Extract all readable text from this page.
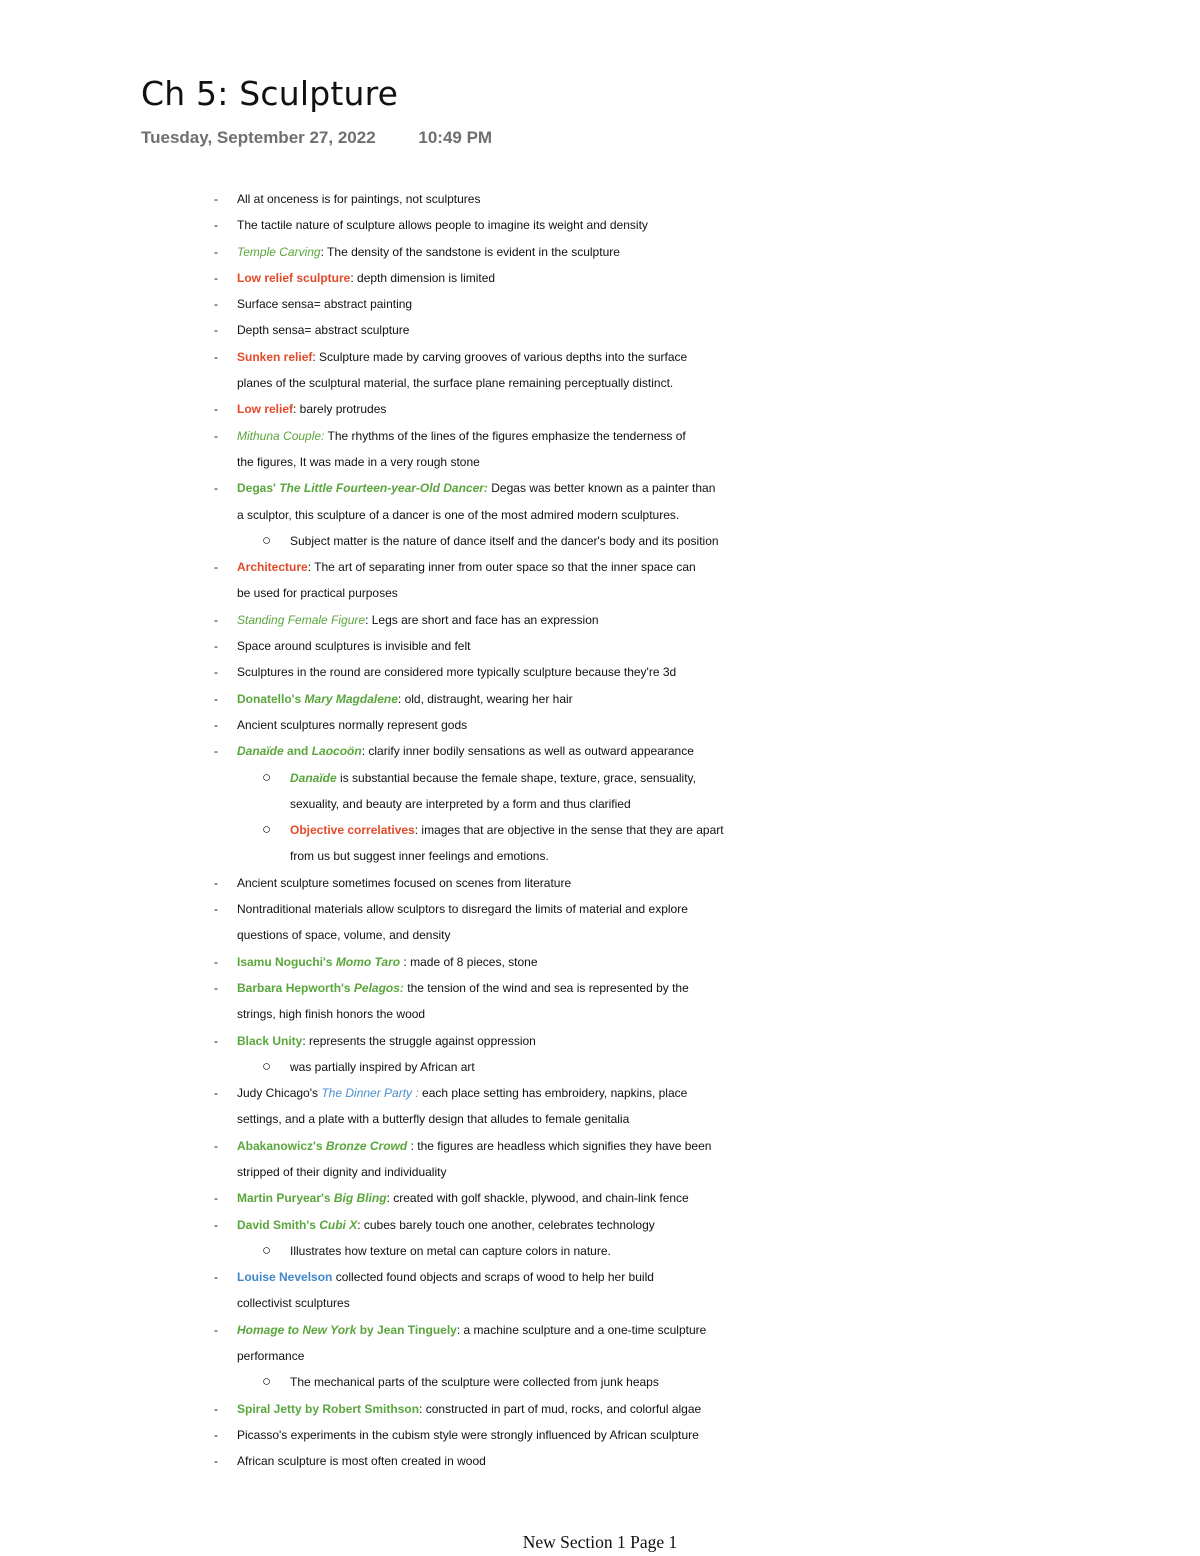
Ch 5: Sculpture
Tuesday, September 27, 2022	10:49 PM
- All at onceness is for paintings, not sculptures
- The tactile nature of sculpture allows people to imagine its weight and density
- Temple Carving: The density of the sandstone is evident in the sculpture
- Low relief sculpture: depth dimension is limited
- Surface sensa= abstract painting
- Depth sensa= abstract sculpture
- Sunken relief: Sculpture made by carving grooves of various depths into the surface
planes of the sculptural material, the surface plane remaining perceptually distinct.
- Low relief: barely protrudes
- Mithuna Couple: The rhythms of the lines of the figures emphasize the tenderness of
the figures, It was made in a very rough stone
- Degas' The Little Fourteen-year-Old Dancer: Degas was better known as a painter than
a sculptor, this sculpture of a dancer is one of the most admired modern sculptures.
○ Subject matter is the nature of dance itself and the dancer's body and its position
- Architecture: The art of separating inner from outer space so that the inner space can
be used for practical purposes
- Standing Female Figure: Legs are short and face has an expression
- Space around sculptures is invisible and felt
- Sculptures in the round are considered more typically sculpture because they're 3d
- Donatello's Mary Magdalene: old, distraught, wearing her hair
- Ancient sculptures normally represent gods
- Danaïde and Laocoön: clarify inner bodily sensations as well as outward appearance
○ Danaïde is substantial because the female shape, texture, grace, sensuality,
sexuality, and beauty are interpreted by a form and thus clarified
○ Objective correlatives: images that are objective in the sense that they are apart
from us but suggest inner feelings and emotions.
- Ancient sculpture sometimes focused on scenes from literature
- Nontraditional materials allow sculptors to disregard the limits of material and explore
questions of space, volume, and density
- Isamu Noguchi's Momo Taro : made of 8 pieces, stone
- Barbara Hepworth's Pelagos: the tension of the wind and sea is represented by the
strings, high finish honors the wood
- Black Unity: represents the struggle against oppression
○ was partially inspired by African art
- Judy Chicago's The Dinner Party : each place setting has embroidery, napkins, place
settings, and a plate with a butterfly design that alludes to female genitalia
- Abakanowicz's Bronze Crowd : the figures are headless which signifies they have been
stripped of their dignity and individuality
- Martin Puryear's Big Bling: created with golf shackle, plywood, and chain-link fence
- David Smith's Cubi X: cubes barely touch one another, celebrates technology
○ Illustrates how texture on metal can capture colors in nature.
- Louise Nevelson collected found objects and scraps of wood to help her build
collectivist sculptures
- Homage to New York by Jean Tinguely: a machine sculpture and a one-time sculpture
performance
○ The mechanical parts of the sculpture were collected from junk heaps
- Spiral Jetty by Robert Smithson: constructed in part of mud, rocks, and colorful algae
- Picasso's experiments in the cubism style were strongly influenced by African sculpture
- African sculpture is most often created in wood
New Section 1 Page 1
